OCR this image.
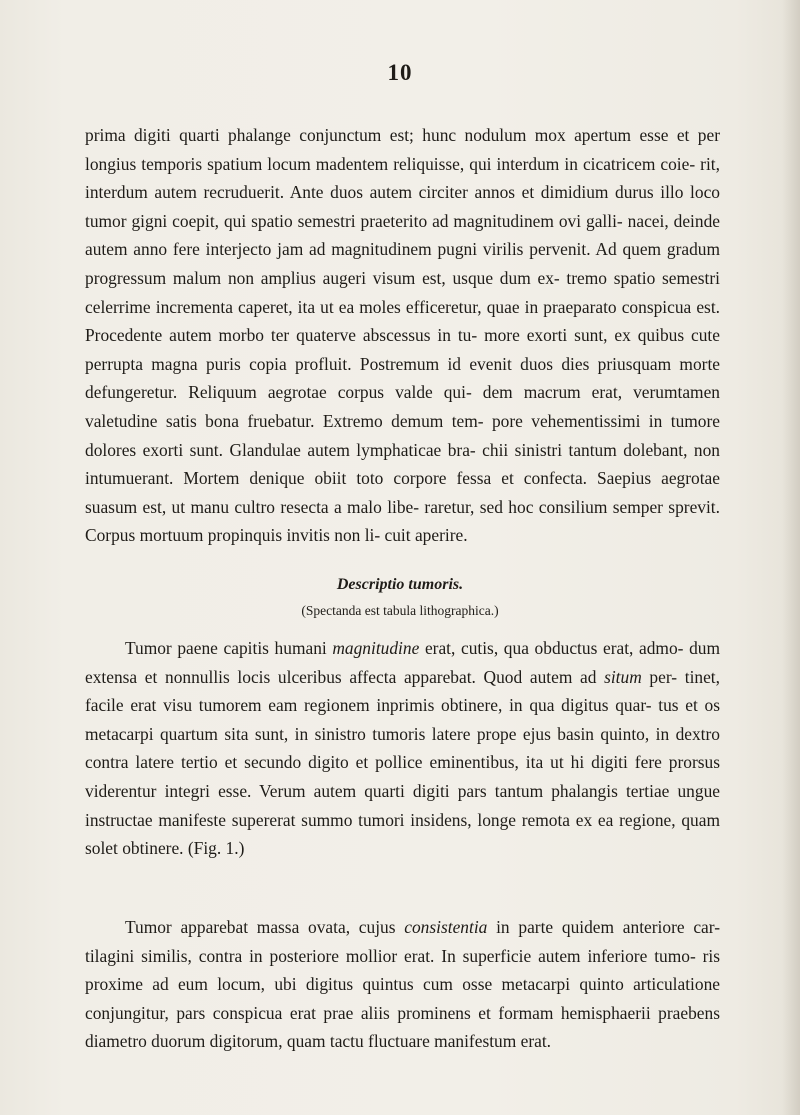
10

prima digiti quarti phalange conjunctum est; hunc nodulum mox apertum esse et per longius temporis spatium locum madentem reliquisse, qui interdum in cicatricem coie- rit, interdum autem recruduerit. Ante duos autem circiter annos et dimidium durus illo loco tumor gigni coepit, qui spatio semestri praeterito ad magnitudinem ovi galli- nacei, deinde autem anno fere interjecto jam ad magnitudinem pugni virilis pervenit. Ad quem gradum progressum malum non amplius augeri visum est, usque dum ex- tremo spatio semestri celerrime incrementa caperet, ita ut ea moles efficeretur, quae in praeparato conspicua est. Procedente autem morbo ter quaterve abscessus in tu- more exorti sunt, ex quibus cute perrupta magna puris copia profluit. Postremum id evenit duos dies priusquam morte defungeretur. Reliquum aegrotae corpus valde qui- dem macrum erat, verumtamen valetudine satis bona fruebatur. Extremo demum tem- pore vehementissimi in tumore dolores exorti sunt. Glandulae autem lymphaticae bra- chii sinistri tantum dolebant, non intumuerant. Mortem denique obiit toto corpore fessa et confecta. Saepius aegrotae suasum est, ut manu cultro resecta a malo libe- raretur, sed hoc consilium semper sprevit. Corpus mortuum propinquis invitis non li- cuit aperire.

Descriptio tumoris.

(Spectanda est tabula lithographica.)

Tumor paene capitis humani magnitudine erat, cutis, qua obductus erat, admo- dum extensa et nonnullis locis ulceribus affecta apparebat. Quod autem ad situm per- tinet, facile erat visu tumorem eam regionem inprimis obtinere, in qua digitus quar- tus et os metacarpi quartum sita sunt, in sinistro tumoris latere prope ejus basin quinto, in dextro contra latere tertio et secundo digito et pollice eminentibus, ita ut hi digiti fere prorsus viderentur integri esse. Verum autem quarti digiti pars tantum phalangis tertiae ungue instructae manifeste supererat summo tumori insidens, longe remota ex ea regione, quam solet obtinere. (Fig. 1.)

Tumor apparebat massa ovata, cujus consistentia in parte quidem anteriore car- tilagini similis, contra in posteriore mollior erat. In superficie autem inferiore tumo- ris proxime ad eum locum, ubi digitus quintus cum osse metacarpi quinto articulatione conjungitur, pars conspicua erat prae aliis prominens et formam hemisphaerii praebens diametro duorum digitorum, quam tactu fluctuare manifestum erat.
